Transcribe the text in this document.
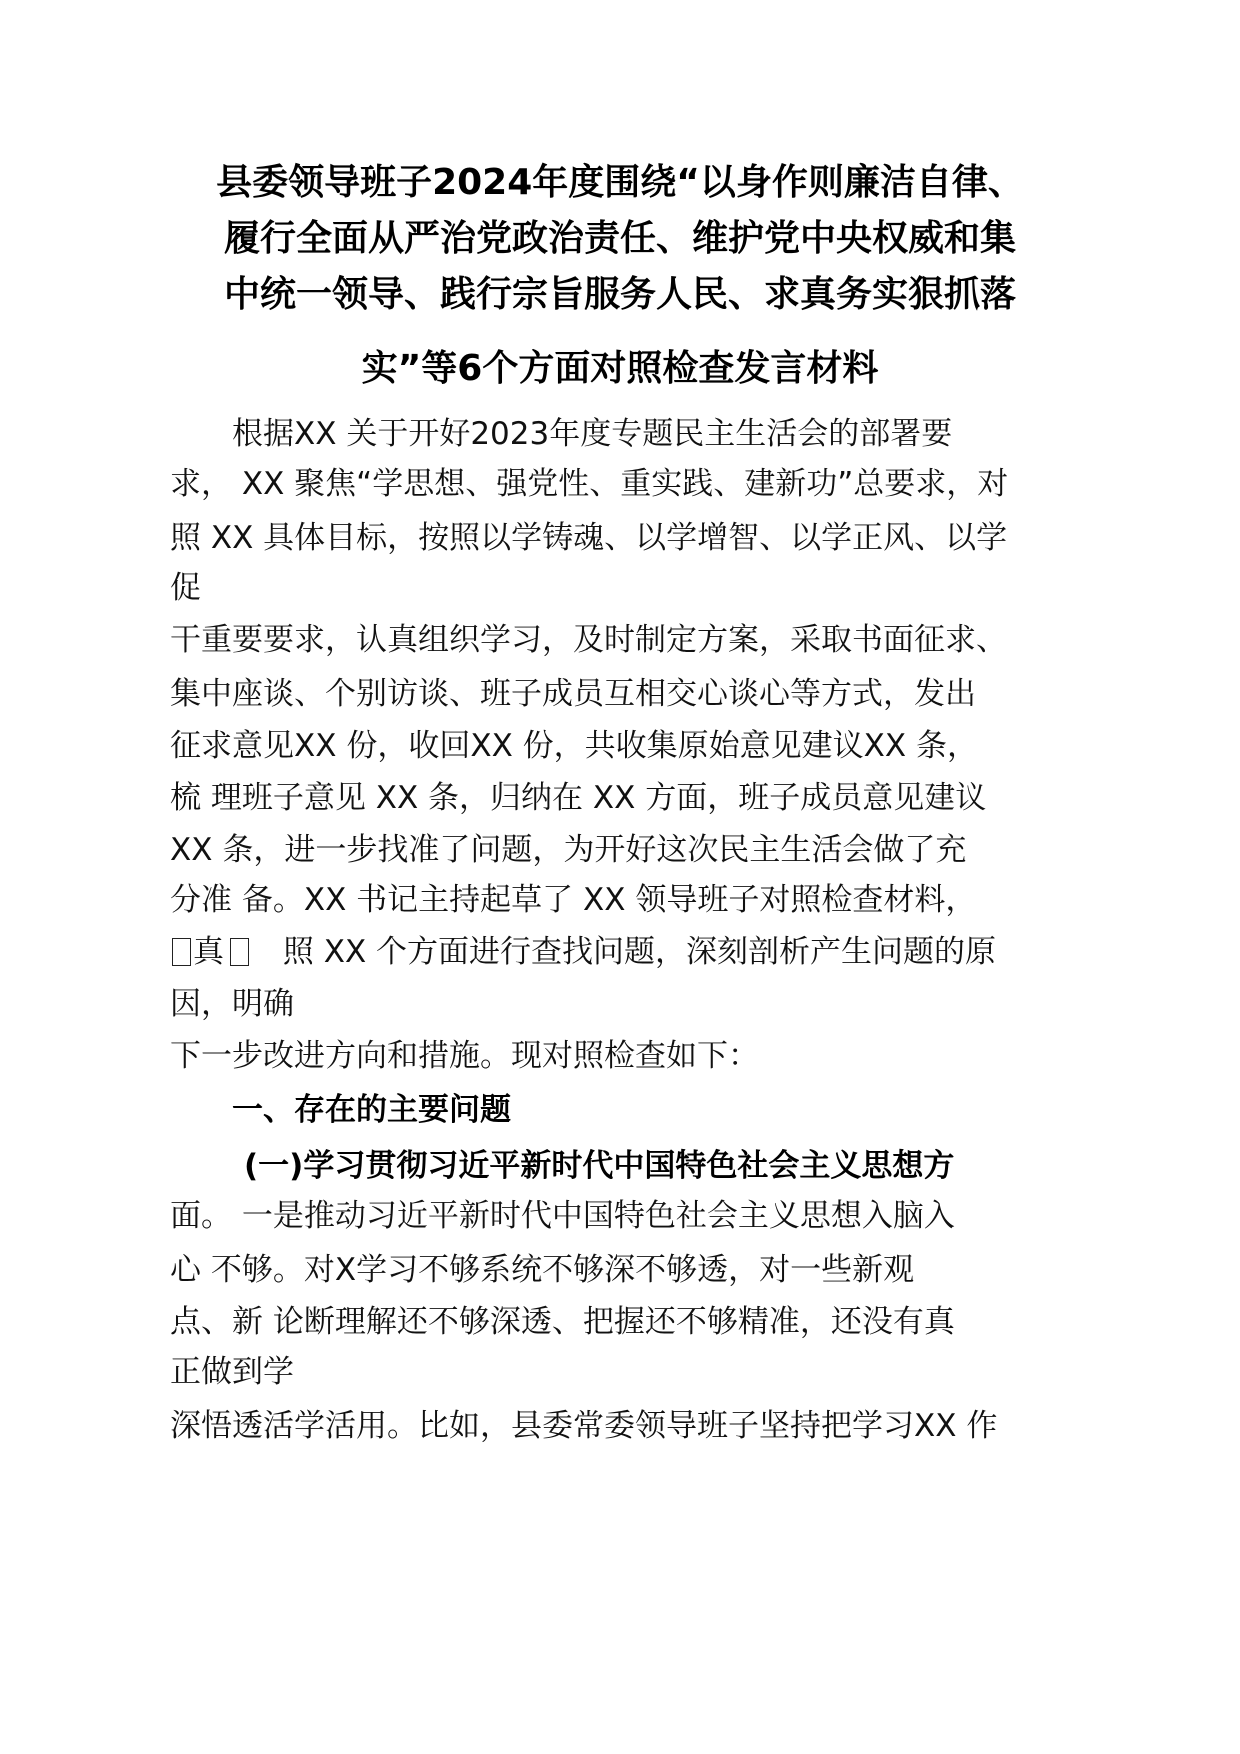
县委领导班子2024年度围绕“以身作则廉洁自律、
履行全面从严治党政治责任、维护党中央权威和集
中统一领导、践行宗旨服务人民、求真务实狠抓落
实”等6个方面对照检查发言材料
根据XX 关于开好2023年度专题民主生活会的部署要
求， XX 聚焦“学思想、强党性、重实践、建新功”总要求，对
照 XX 具体目标，按照以学铸魂、以学增智、以学正风、以学
促
干重要要求，认真组织学习，及时制定方案，采取书面征求、
集中座谈、个别访谈、班子成员互相交心谈心等方式，发出
征求意见XX 份，收回XX 份，共收集原始意见建议XX 条，
梳 理班子意见 XX 条，归纳在 XX 方面，班子成员意见建议
XX 条，进一步找准了问题，为开好这次民主生活会做了充
分准 备。XX 书记主持起草了 XX 领导班子对照检查材料，
真 照 XX 个方面进行查找问题，深刻剖析产生问题的原
因，明确
下一步改进方向和措施。现对照检查如下：
一、存在的主要问题
(一)学习贯彻习近平新时代中国特色社会主义思想方
面。 一是推动习近平新时代中国特色社会主义思想入脑入
心 不够。对X学习不够系统不够深不够透，对一些新观
点、新 论断理解还不够深透、把握还不够精准，还没有真
正做到学
深悟透活学活用。比如，县委常委领导班子坚持把学习XX 作
